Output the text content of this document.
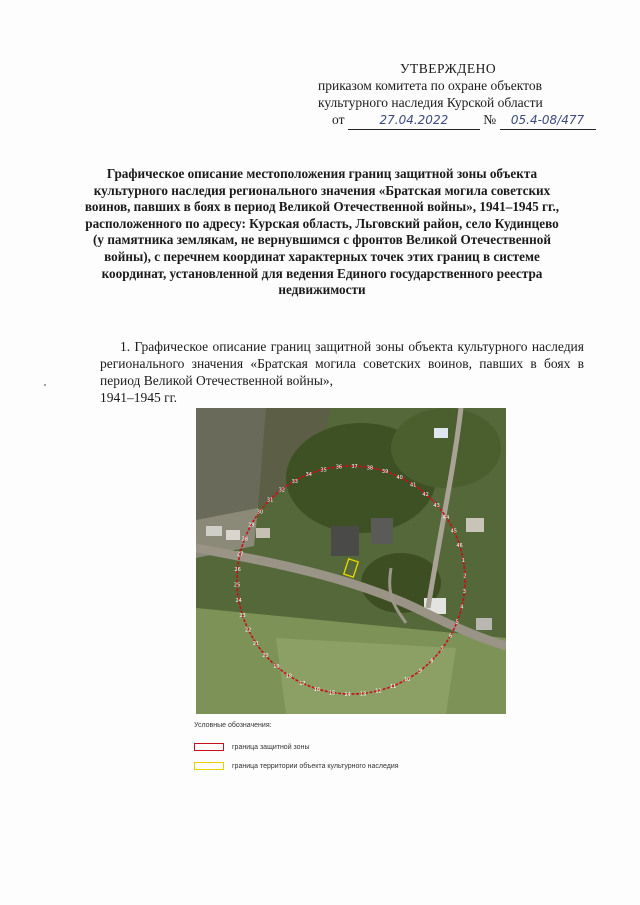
УТВЕРЖДЕНО
приказом комитета по охране объектов
культурного наследия Курской области
от	27.04.2022	№ 05.4-08/477
Графическое описание местоположения границ защитной зоны объекта культурного наследия регионального значения «Братская могила советских воинов, павших в боях в период Великой Отечественной войны», 1941–1945 гг., расположенного по адресу: Курская область, Льговский район, село Кудинцево (у памятника землякам, не вернувшимся с фронтов Великой Отечественной войны), с перечнем координат характерных точек этих границ в системе координат, установленной для ведения Единого государственного реестра недвижимости
1. Графическое описание границ защитной зоны объекта культурного наследия регионального значения «Братская могила советских воинов, павших в боях в период Великой Отечественной войны»,
1941–1945 гг.
1
2
3
4
5
6
7
8
9
10
11
12
13
14
15
16
17
18
19
20
21
22
23
24
25
26
27
28
29
30
31
32
33
34
35 36 37 38
39
40
41
42
43
44
45
46
Условные обозначения:
граница защитной зоны
граница территории объекта культурного наследия
